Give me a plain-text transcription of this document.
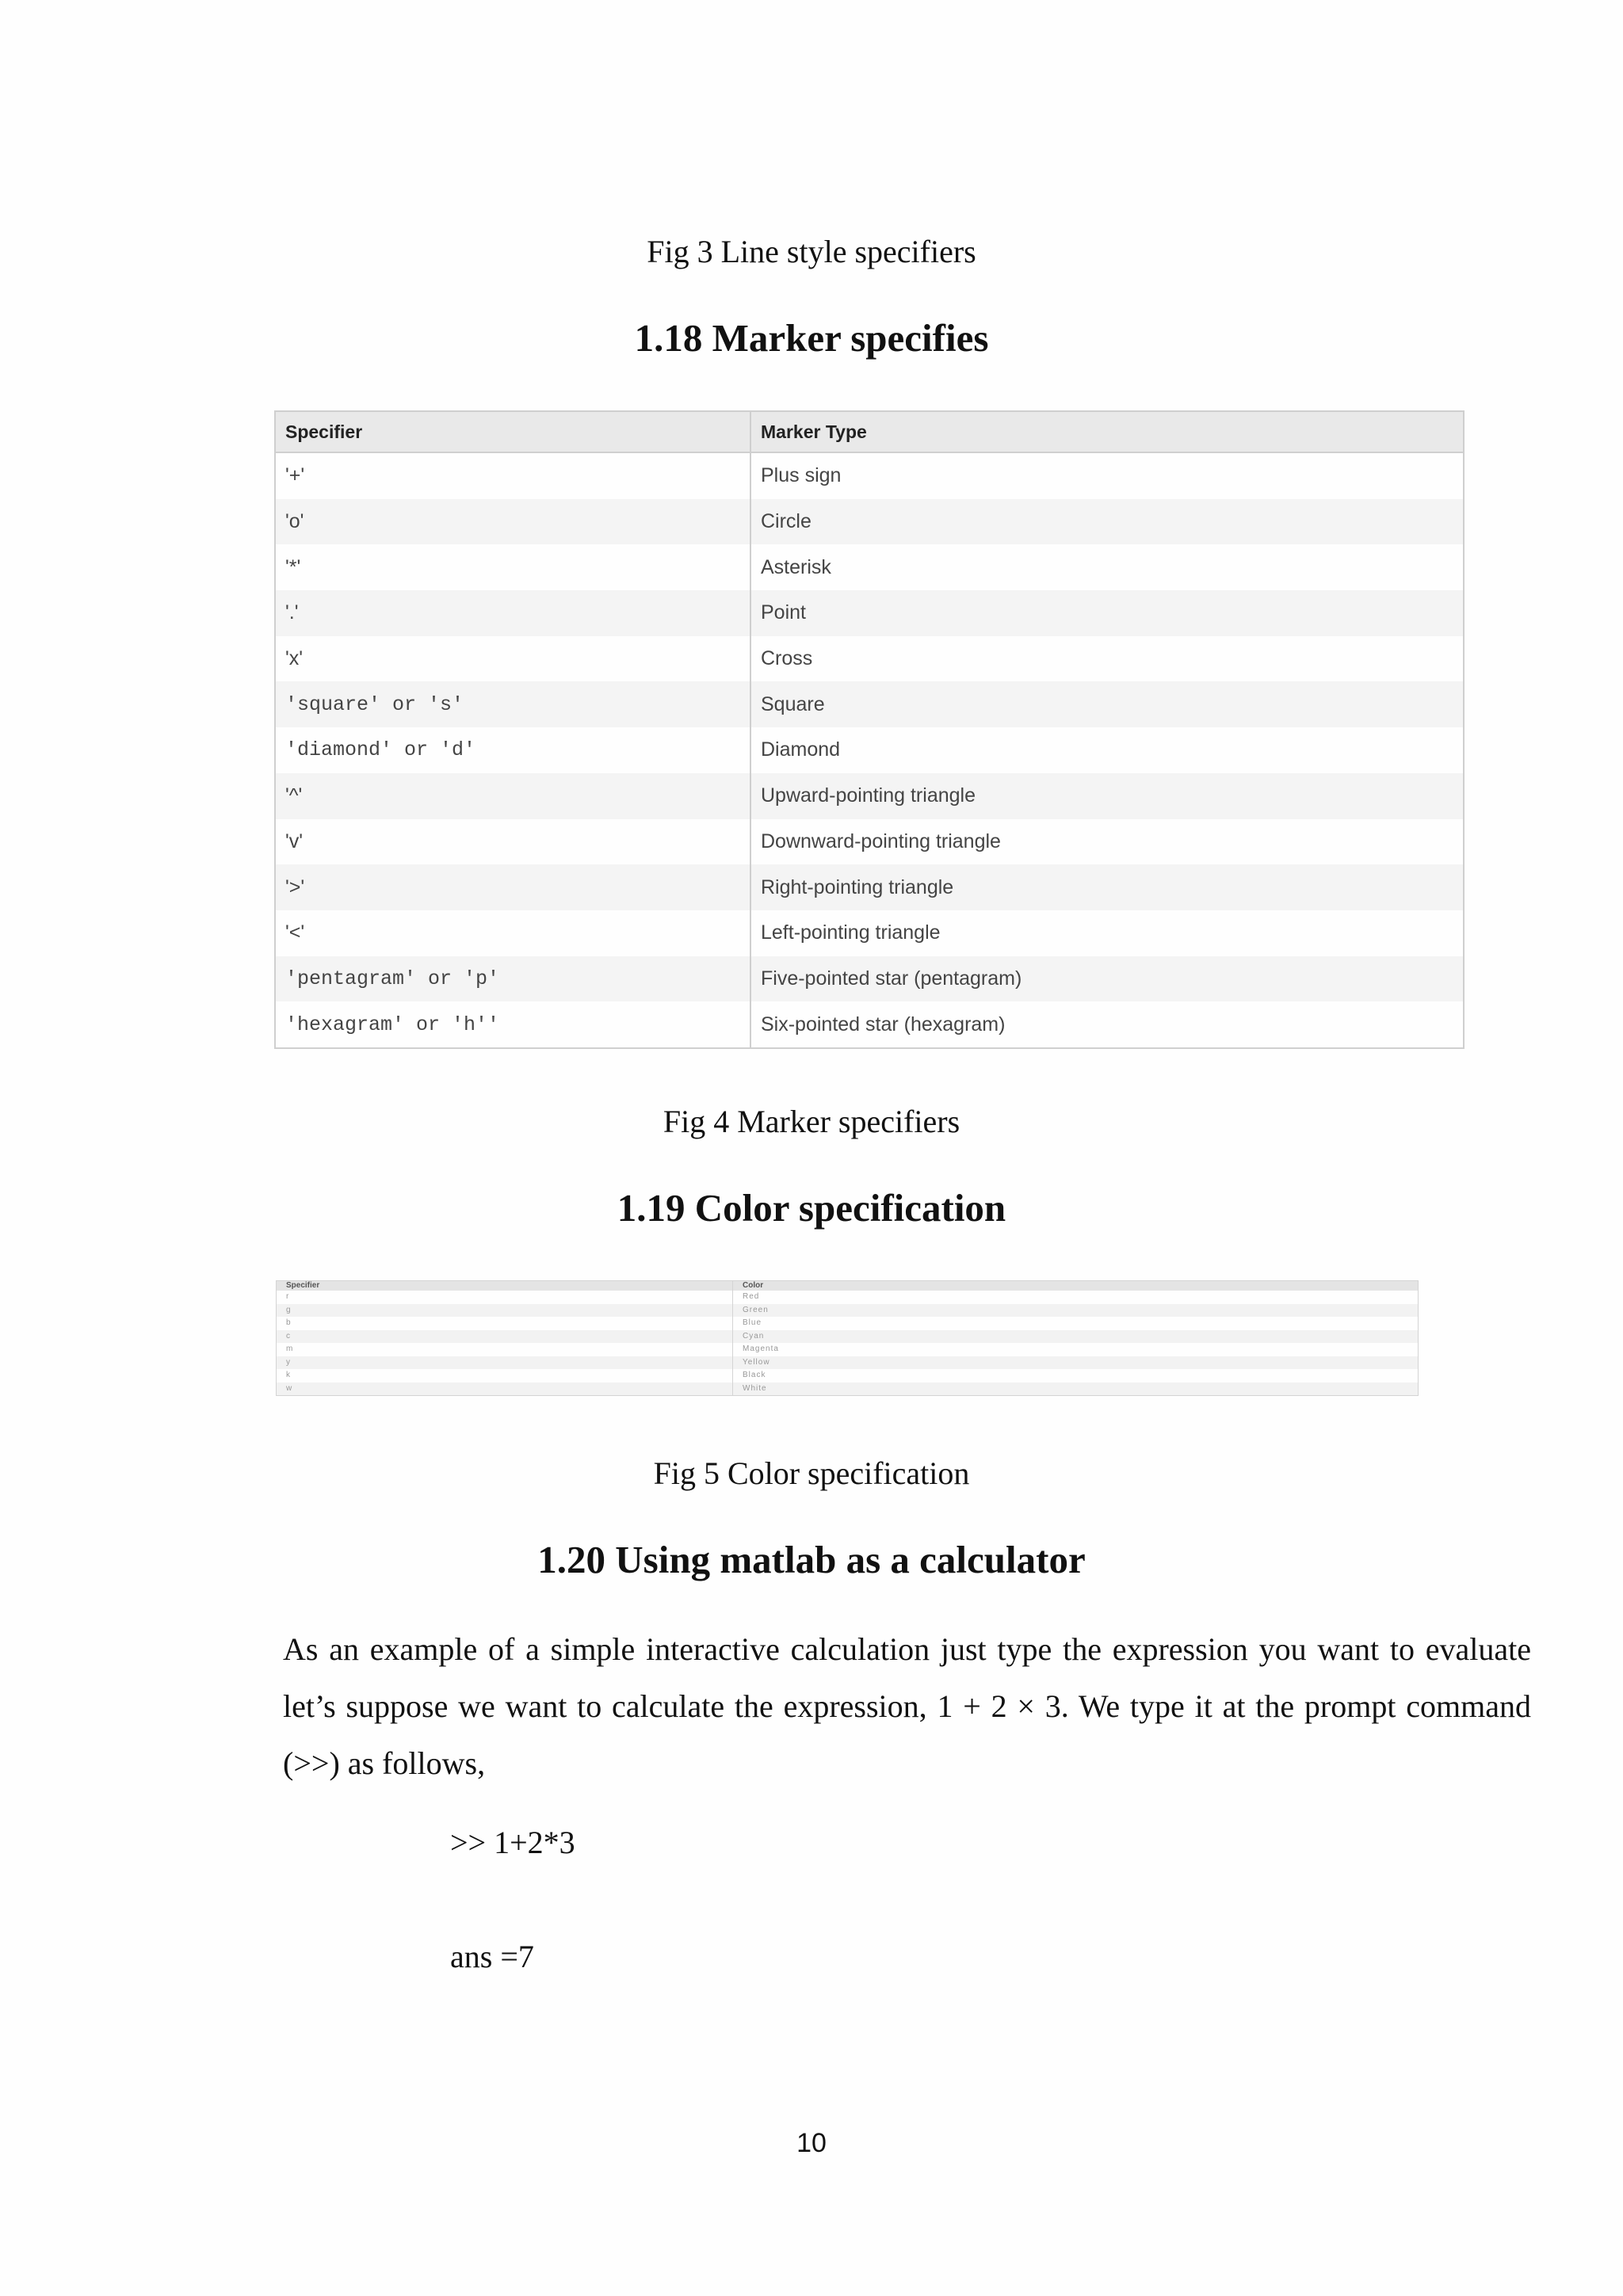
Fig 3 Line style specifiers

1.18 Marker specifies
Specifier	Marker Type
'+'	Plus sign
'o'	Circle
'*'	Asterisk
'.'	Point
'x'	Cross
'square' or 's'	Square
'diamond' or 'd'	Diamond
'^'	Upward-pointing triangle
'v'	Downward-pointing triangle
'>'	Right-pointing triangle
'<'	Left-pointing triangle
'pentagram' or 'p'	Five-pointed star (pentagram)
'hexagram' or 'h''	Six-pointed star (hexagram)

Fig 4 Marker specifiers

1.19 Color specification
Specifier	Color
r	Red
g	Green
b	Blue
c	Cyan
m	Magenta
y	Yellow
k	Black
w	White

Fig 5 Color specification

1.20 Using matlab as a calculator

As an example of a simple interactive calculation just type the expression you want to evaluate let’s suppose we want to calculate the expression, 1 + 2 × 3. We type it at the prompt command (>>) as follows,

>> 1+2*3

ans =7

10
